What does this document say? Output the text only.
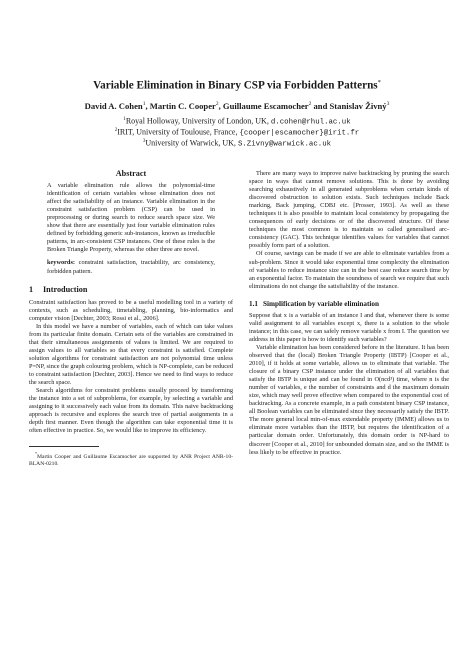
Variable Elimination in Binary CSP via Forbidden Patterns*
David A. Cohen$^1$, Martin C. Cooper$^2$, Guillaume Escamocher$^2$ and Stanislav Živný$^3$
$^1$Royal Holloway, University of London, UK, d.cohen@rhul.ac.uk
$^2$IRIT, University of Toulouse, France, {cooper|escamocher}@irit.fr
$^3$University of Warwick, UK, S.Zivny@warwick.ac.uk
Abstract
A variable elimination rule allows the polynomial-time identification of certain variables whose elimination does not affect the satisfiability of an instance. Variable elimination in the constraint satisfaction problem (CSP) can be used in preprocessing or during search to reduce search space size. We show that there are essentially just four variable elimination rules defined by forbidding generic sub-instances, known as irreducible patterns, in arc-consistent CSP instances. One of these rules is the Broken Triangle Property, whereas the other three are novel.
keywords: constraint satisfaction, tractability, arc consistency, forbidden pattern.
1 Introduction

Constraint satisfaction has proved to be a useful modelling tool in a variety of contexts, such as scheduling, timetabling, planning, bio-informatics and computer vision [Dechter, 2003; Rossi et al., 2006].

In this model we have a number of variables, each of which can take values from its particular finite domain. Certain sets of the variables are constrained in that their simultaneous assignments of values is limited. We are required to assign values to all variables so that every constraint is satisfied. Complete solution algorithms for constraint satisfaction are not polynomial time unless P=NP, since the graph colouring problem, which is NP-complete, can be reduced to constraint satisfaction [Dechter, 2003]. Hence we need to find ways to reduce the search space.

Search algorithms for constraint problems usually proceed by transforming the instance into a set of subproblems, for example, by selecting a variable and assigning to it successively each value from its domain. This naive backtracking approach is recursive and explores the search tree of partial assignments in a depth first manner. Even though the algorithm can take exponential time it is often effective in practice. So, we would like to improve its efficiency.

*Martin Cooper and Guillaume Escamocher are supported by ANR Project ANR-10-BLAN-0210.

There are many ways to improve naive backtracking by pruning the search space in ways that cannot remove solutions. This is done by avoiding searching exhaustively in all generated subproblems when certain kinds of discovered obstruction to solution exists. Such techniques include Back marking, Back jumping, CDBJ etc. [Prosser, 1993]. As well as these techniques it is also possible to maintain local consistency by propagating the consequences of early decisions or of the discovered structure. Of these techniques the most common is to maintain so called generalised arc-consistency (GAC). This technique identifies values for variables that cannot possibly form part of a solution.

Of course, savings can be made if we are able to eliminate variables from a sub-problem. Since it would take exponential time complexity the elimination of variables to reduce instance size can in the best case reduce search time by an exponential factor. To maintain the soundness of search we require that such eliminations do not change the satisfiability of the instance.

1.1 Simplification by variable elimination

Suppose that x is a variable of an instance I and that, whenever there is some valid assignment to all variables except x, there is a solution to the whole instance; in this case, we can safely remove variable x from I. The question we address in this paper is how to identify such variables?

Variable elimination has been considered before in the literature. It has been observed that the (local) Broken Triangle Property (IBTP) [Cooper et al., 2010], if it holds at some variable, allows us to eliminate that variable. The closure of a binary CSP instance under the elimination of all variables that satisfy the IBTP is unique and can be found in O(ncd³) time, where n is the number of variables, e the number of constraints and d the maximum domain size, which may well prove effective when compared to the exponential cost of backtracking. As a concrete example, in a path consistent binary CSP instance, all Boolean variables can be eliminated since they necessarily satisfy the IBTP. The more general local min-of-max extendable property (IMME) allows us to eliminate more variables than the IBTP, but requires the identification of a particular domain order. Unfortunately, this domain order is NP-hard to discover [Cooper et al., 2010] for unbounded domain size, and so the IMME is less likely to be effective in practice.
